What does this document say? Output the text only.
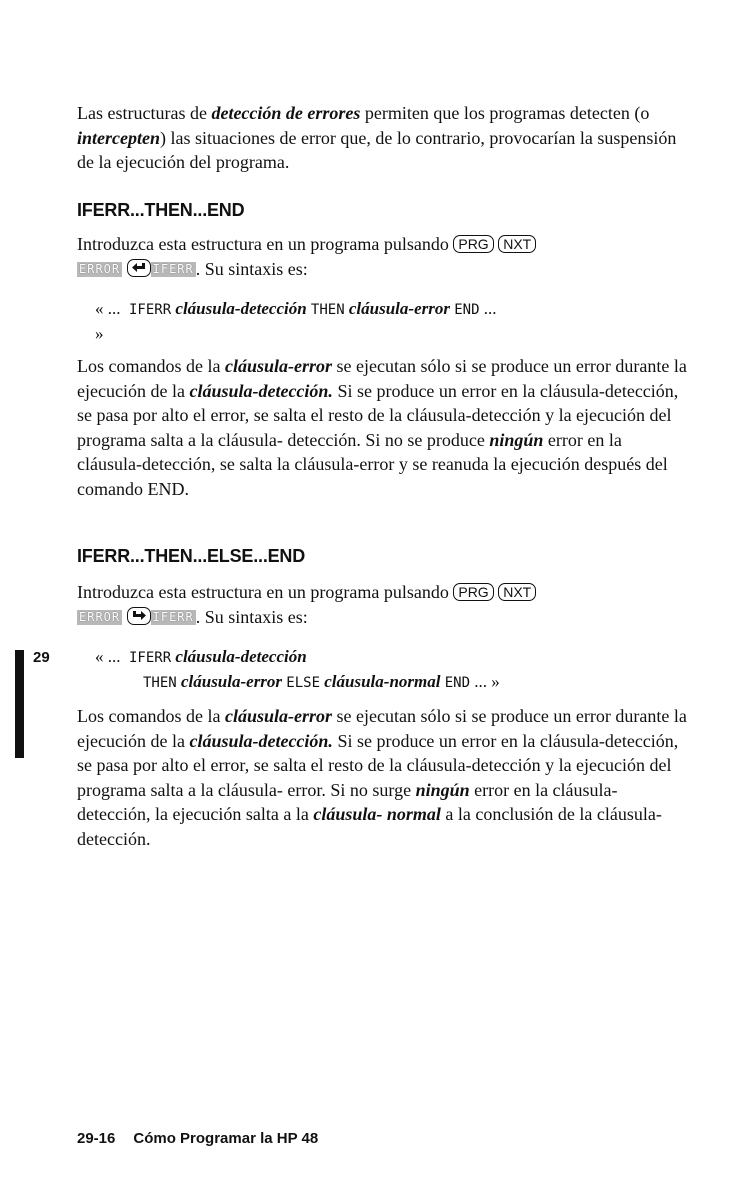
Las estructuras de detección de errores permiten que los programas detecten (o intercepten) las situaciones de error que, de lo contrario, provocarían la suspensión de la ejecución del programa.

IFERR...THEN...END

Introduzca esta estructura en un programa pulsando PRG NXT
ERROR	IFERR . Su sintaxis es:

« ... IFERR cláusula-detección THEN cláusula-error END ...
»

Los comandos de la cláusula-error se ejecutan sólo si se produce un error durante la ejecución de la cláusula-detección. Si se produce un error en la cláusula-detección, se pasa por alto el error, se salta el resto de la cláusula-detección y la ejecución del programa salta a la cláusula- detección. Si no se produce ningún error en la cláusula-detección, se salta la cláusula-error y se reanuda la ejecución después del comando END.

IFERR...THEN...ELSE...END

Introduzca esta estructura en un programa pulsando PRG NXT
ERROR	IFERR . Su sintaxis es:

« ... IFERR cláusula-detección
THEN cláusula-error ELSE cláusula-normal END ... »
29

Los comandos de la cláusula-error se ejecutan sólo si se produce un error durante la ejecución de la cláusula-detección. Si se produce un error en la cláusula-detección, se pasa por alto el error, se salta el resto de la cláusula-detección y la ejecución del programa salta a la cláusula- error. Si no surge ningún error en la cláusula-detección, la ejecución salta a la cláusula- normal a la conclusión de la cláusula-detección.

29-16 Cómo Programar la HP 48
